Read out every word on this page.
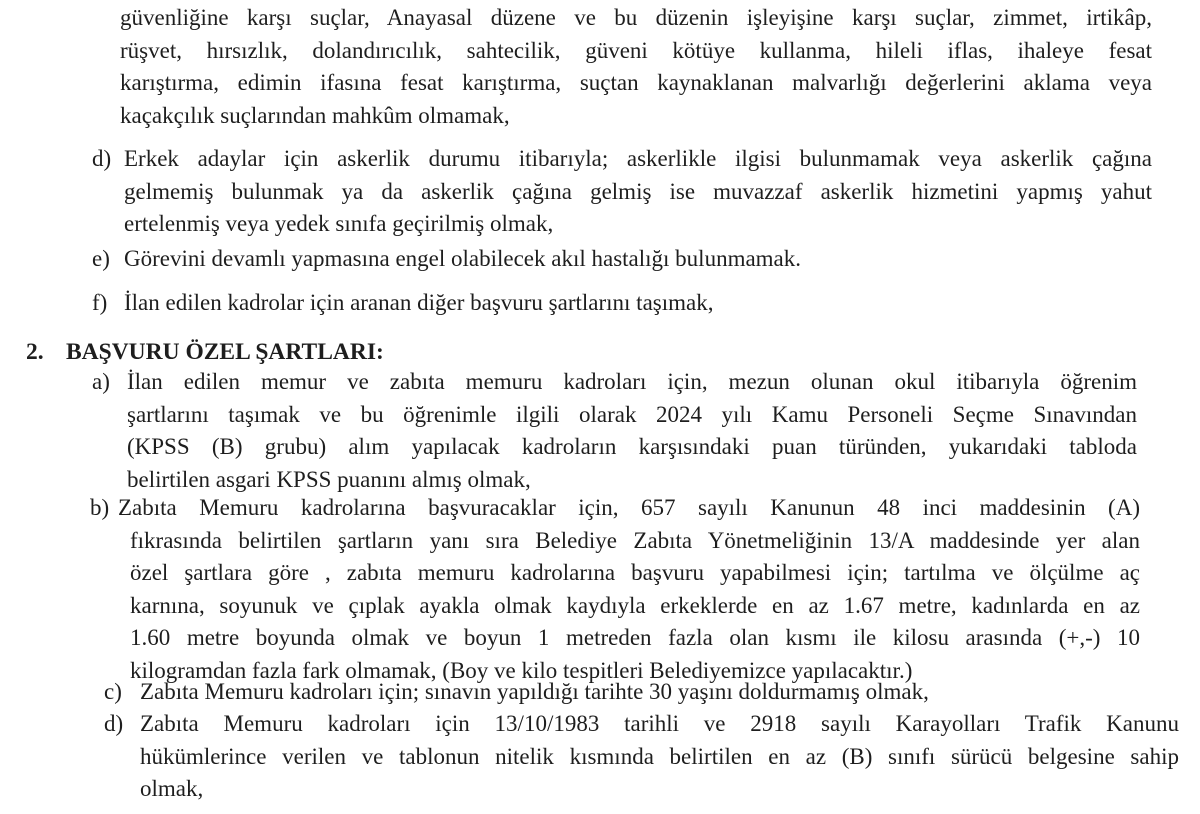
güvenliğine karşı suçlar, Anayasal düzene ve bu düzenin işleyişine karşı suçlar, zimmet, irtikâp,
rüşvet, hırsızlık, dolandırıcılık, sahtecilik, güveni kötüye kullanma, hileli iflas, ihaleye fesat
karıştırma, edimin ifasına fesat karıştırma, suçtan kaynaklanan malvarlığı değerlerini aklama veya
kaçakçılık suçlarından mahkûm olmamak,
d) Erkek adaylar için askerlik durumu itibarıyla; askerlikle ilgisi bulunmamak veya askerlik çağına
gelmemiş bulunmak ya da askerlik çağına gelmiş ise muvazzaf askerlik hizmetini yapmış yahut
ertelenmiş veya yedek sınıfa geçirilmiş olmak,
e) Görevini devamlı yapmasına engel olabilecek akıl hastalığı bulunmamak.
f) İlan edilen kadrolar için aranan diğer başvuru şartlarını taşımak,
2. BAŞVURU ÖZEL ŞARTLARI:
a) İlan edilen memur ve zabıta memuru kadroları için, mezun olunan okul itibarıyla öğrenim
şartlarını taşımak ve bu öğrenimle ilgili olarak 2024 yılı Kamu Personeli Seçme Sınavından
(KPSS (B) grubu) alım yapılacak kadroların karşısındaki puan türünden, yukarıdaki tabloda
belirtilen asgari KPSS puanını almış olmak,
b) Zabıta Memuru kadrolarına başvuracaklar için, 657 sayılı Kanunun 48 inci maddesinin (A)
fıkrasında belirtilen şartların yanı sıra Belediye Zabıta Yönetmeliğinin 13/A maddesinde yer alan
özel şartlara göre , zabıta memuru kadrolarına başvuru yapabilmesi için; tartılma ve ölçülme aç
karnına, soyunuk ve çıplak ayakla olmak kaydıyla erkeklerde en az 1.67 metre, kadınlarda en az
1.60 metre boyunda olmak ve boyun 1 metreden fazla olan kısmı ile kilosu arasında (+,-) 10
kilogramdan fazla fark olmamak, (Boy ve kilo tespitleri Belediyemizce yapılacaktır.)
c) Zabıta Memuru kadroları için; sınavın yapıldığı tarihte 30 yaşını doldurmamış olmak,
d) Zabıta Memuru kadroları için 13/10/1983 tarihli ve 2918 sayılı Karayolları Trafik Kanunu
hükümlerince verilen ve tablonun nitelik kısmında belirtilen en az (B) sınıfı sürücü belgesine sahip
olmak,
